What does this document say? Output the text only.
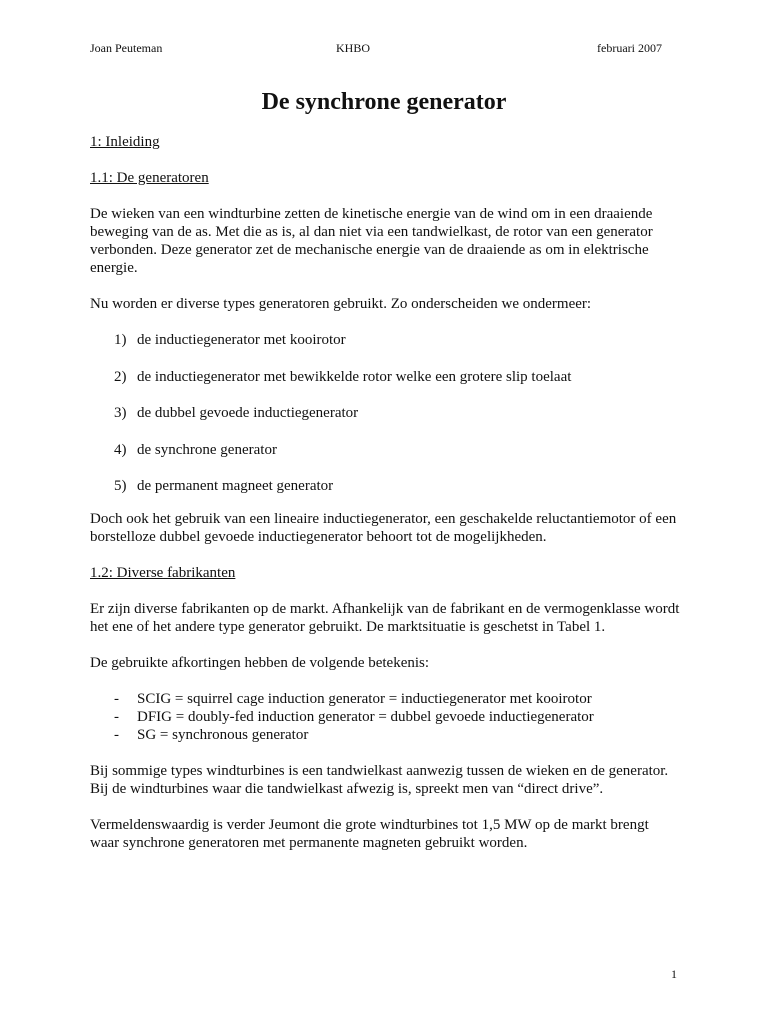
Joan Peuteman	KHBO	februari 2007
De synchrone generator

1: Inleiding

1.1: De generatoren

De wieken van een windturbine zetten de kinetische energie van de wind om in een draaiende beweging van de as. Met die as is, al dan niet via een tandwielkast, de rotor van een generator verbonden. Deze generator zet de mechanische energie van de draaiende as om in elektrische energie.

Nu worden er diverse types generatoren gebruikt. Zo onderscheiden we ondermeer:

1) de inductiegenerator met kooirotor
2) de inductiegenerator met bewikkelde rotor welke een grotere slip toelaat
3) de dubbel gevoede inductiegenerator
4) de synchrone generator
5) de permanent magneet generator

Doch ook het gebruik van een lineaire inductiegenerator, een geschakelde reluctantiemotor of een borstelloze dubbel gevoede inductiegenerator behoort tot de mogelijkheden.

1.2: Diverse fabrikanten

Er zijn diverse fabrikanten op de markt. Afhankelijk van de fabrikant en de vermogenklasse wordt het ene of het andere type generator gebruikt. De marktsituatie is geschetst in Tabel 1.

De gebruikte afkortingen hebben de volgende betekenis:

- SCIG = squirrel cage induction generator = inductiegenerator met kooirotor
- DFIG = doubly-fed induction generator = dubbel gevoede inductiegenerator
- SG = synchronous generator

Bij sommige types windturbines is een tandwielkast aanwezig tussen de wieken en de generator. Bij de windturbines waar die tandwielkast afwezig is, spreekt men van “direct drive”.

Vermeldenswaardig is verder Jeumont die grote windturbines tot 1,5 MW op de markt brengt waar synchrone generatoren met permanente magneten gebruikt worden.

1
